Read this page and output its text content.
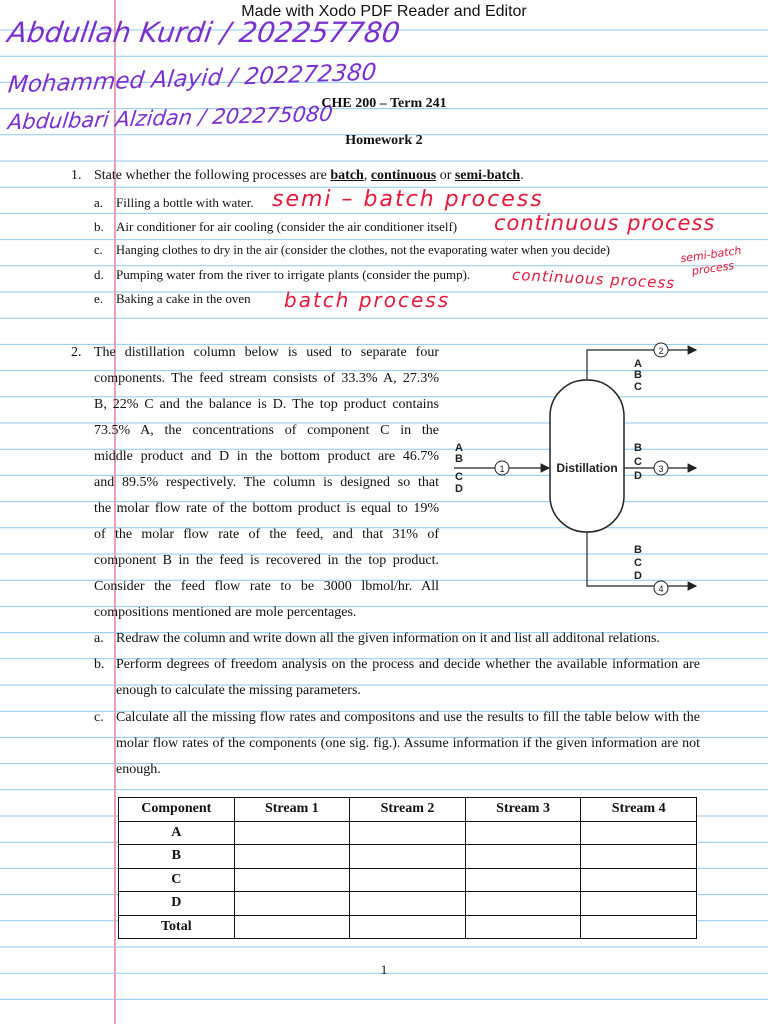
Made with Xodo PDF Reader and Editor
Abdullah Kurdi / 202257780
Mohammed Alayid / 202272380
Abdulbari Alzidan / 202275080
CHE 200 – Term 241
Homework 2
1. State whether the following processes are batch, continuous or semi-batch.
a. Filling a bottle with water. semi – batch process
b. Air conditioner for air cooling (consider the air conditioner itself) continuous process
c. Hanging clothes to dry in the air (consider the clothes, not the evaporating water when you decide)	semi-batch process
d. Pumping water from the river to irrigate plants (consider the pump).	continuous process
e. Baking a cake in the oven batch process
2. The distillation column below is used to separate four
components. The feed stream consists of 33.3% A, 27.3%
B, 22% C and the balance is D. The top product contains
73.5% A, the concentrations of component C in the
middle product and D in the bottom product are 46.7%
and 89.5% respectively. The column is designed so that
the molar flow rate of the bottom product is equal to 19%
of the molar flow rate of the feed, and that 31% of
component B in the feed is recovered in the top product.
Consider the feed flow rate to be 3000 lbmol/hr. All
compositions mentioned are mole percentages.
a. Redraw the column and write down all the given information on it and list all additonal relations.
b. Perform degrees of freedom analysis on the process and decide whether the available information are enough to calculate the missing parameters.
c. Calculate all the missing flow rates and compositons and use the results to fill the table below with the molar flow rates of the components (one sig. fig.). Assume information if the given information are not enough.
Distillation
1
A
B
C
D
2
A
B
C
3
B
C
D
4
B
C
D
Component	Stream 1	Stream 2	Stream 3	Stream 4
A				
B				
C				
D				
Total				
1
